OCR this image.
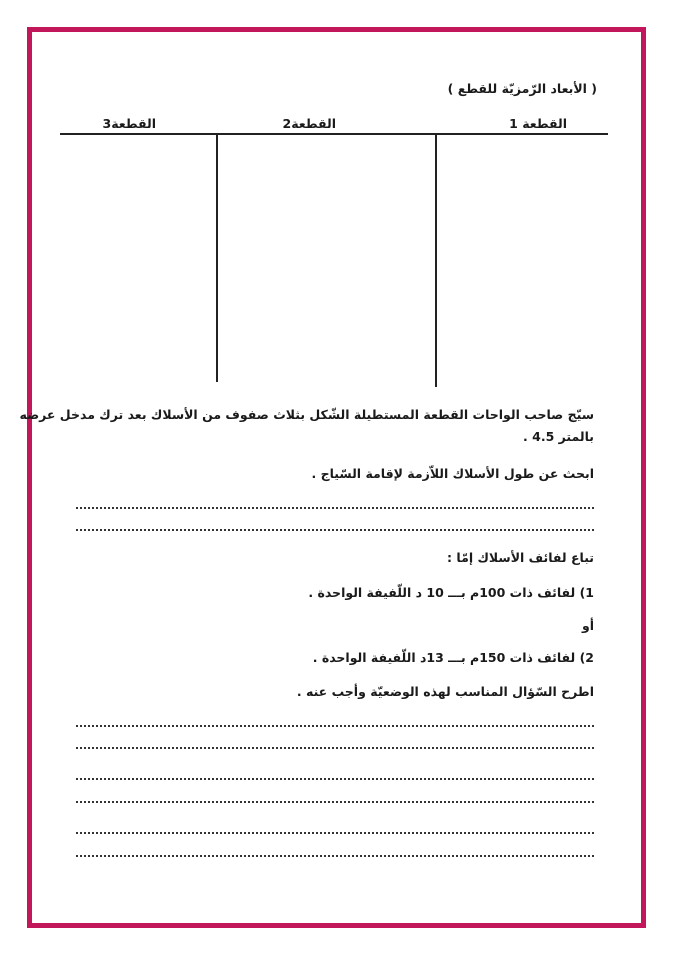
( الأبعاد الرّمزيّة للقطع )
القطعة 1
القطعة2
القطعة3
سيّج صاحب الواحات القطعة المستطيلة الشّكل بثلاث صفوف من الأسلاك بعد ترك مدخل عرضه
بالمتر 4.5 .
ابحث عن طول الأسلاك اللاّزمة لإقامة السّياج .
تباع لفائف الأسلاك إمّا :
1) لفائف ذات 100م بـــ 10 د اللّفيفة الواحدة .
أو
2) لفائف ذات 150م بـــ 13د اللّفيفة الواحدة .
اطرح السّؤال المناسب لهذه الوضعيّة وأجب عنه .
